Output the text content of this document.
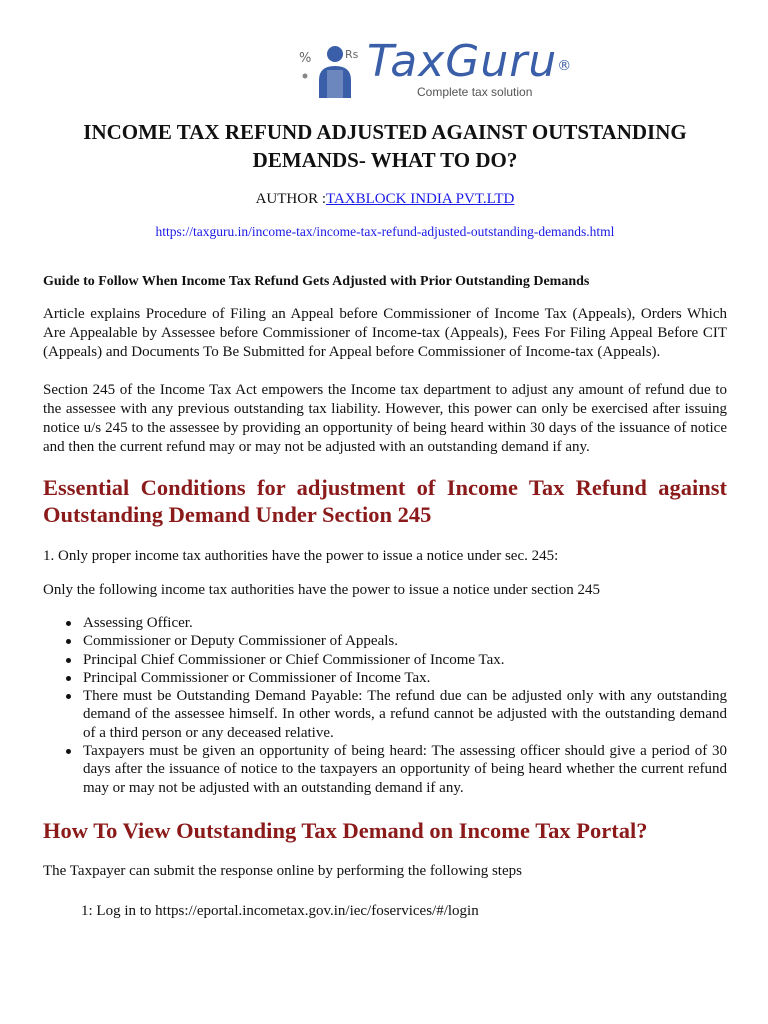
%	Rs TaxGuru®
Complete tax solution
INCOME TAX REFUND ADJUSTED AGAINST OUTSTANDING DEMANDS- WHAT TO DO?
AUTHOR :TAXBLOCK INDIA PVT.LTD
https://taxguru.in/income-tax/income-tax-refund-adjusted-outstanding-demands.html
Guide to Follow When Income Tax Refund Gets Adjusted with Prior Outstanding Demands

Article explains Procedure of Filing an Appeal before Commissioner of Income Tax (Appeals), Orders Which Are Appealable by Assessee before Commissioner of Income-tax (Appeals), Fees For Filing Appeal Before CIT (Appeals) and Documents To Be Submitted for Appeal before Commissioner of Income-tax (Appeals).

Section 245 of the Income Tax Act empowers the Income tax department to adjust any amount of refund due to the assessee with any previous outstanding tax liability. However, this power can only be exercised after issuing notice u/s 245 to the assessee by providing an opportunity of being heard within 30 days of the issuance of notice and then the current refund may or may not be adjusted with an outstanding demand if any.

Essential Conditions for adjustment of Income Tax Refund against Outstanding Demand Under Section 245
1. Only proper income tax authorities have the power to issue a notice under sec. 245:
Only the following income tax authorities have the power to issue a notice under section 245
Assessing Officer.
Commissioner or Deputy Commissioner of Appeals.
Principal Chief Commissioner or Chief Commissioner of Income Tax.
Principal Commissioner or Commissioner of Income Tax.
There must be Outstanding Demand Payable: The refund due can be adjusted only with any outstanding demand of the assessee himself. In other words, a refund cannot be adjusted with the outstanding demand of a third person or any deceased relative.
Taxpayers must be given an opportunity of being heard: The assessing officer should give a period of 30 days after the issuance of notice to the taxpayers an opportunity of being heard whether the current refund may or may not be adjusted with an outstanding demand if any.
How To View Outstanding Tax Demand on Income Tax Portal?
The Taxpayer can submit the response online by performing the following steps
1: Log in to https://eportal.incometax.gov.in/iec/foservices/#/login
